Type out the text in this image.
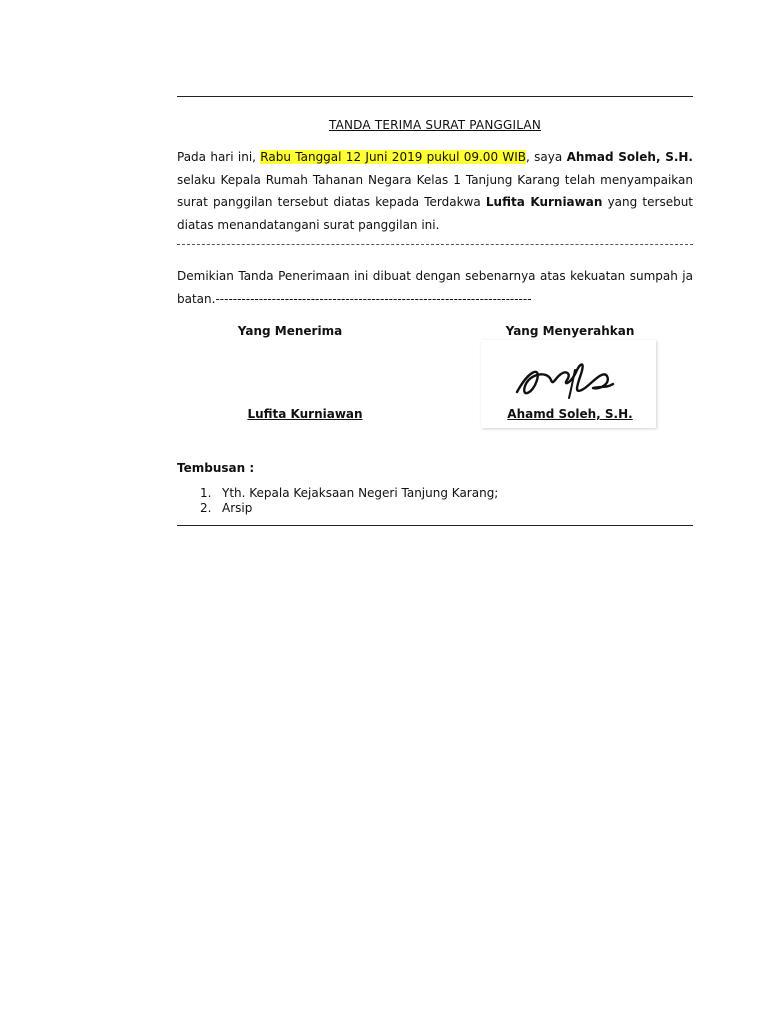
TANDA TERIMA SURAT PANGGILAN
Pada hari ini, Rabu Tanggal 12 Juni 2019 pukul 09.00 WIB, saya Ahmad Soleh, S.H. selaku Kepala Rumah Tahanan Negara Kelas 1 Tanjung Karang telah menyampaikan surat panggilan tersebut diatas kepada Terdakwa Lufita Kurniawan yang tersebut diatas menandatangani surat panggilan ini.
Demikian Tanda Penerimaan ini dibuat dengan sebenarnya atas kekuatan sumpah jabatan.-------------------------------------------------------------------------
Yang Menerima	Yang Menyerahkan
Lufita Kurniawan	Ahamd Soleh, S.H.
Tembusan :
1. Yth. Kepala Kejaksaan Negeri Tanjung Karang;
2. Arsip
